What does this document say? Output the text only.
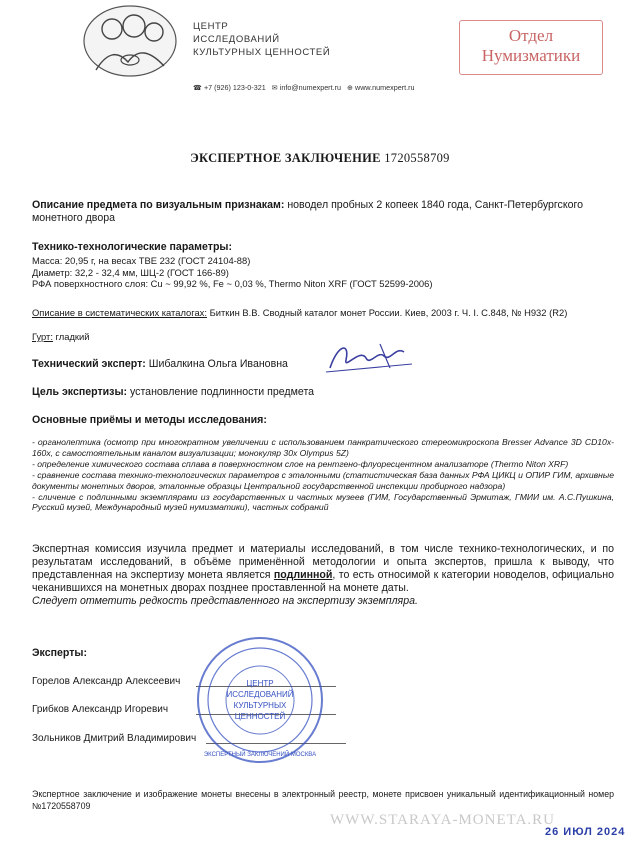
ЦЕНТР
ИССЛЕДОВАНИЙ
КУЛЬТУРНЫХ ЦЕННОСТЕЙ
☎ +7 (926) 123-0-321 ✉ info@numexpert.ru ⊕ www.numexpert.ru
Отдел
Нумизматики
ЭКСПЕРТНОЕ ЗАКЛЮЧЕНИЕ 1720558709
Описание предмета по визуальным признакам: новодел пробных 2 копеек 1840 года, Санкт-Петербургского монетного двора
Технико-технологические параметры:
Масса: 20,95 г, на весах ТВЕ 232 (ГОСТ 24104-88)
Диаметр: 32,2 - 32,4 мм, ШЦ-2 (ГОСТ 166-89)
РФА поверхностного слоя: Cu ~ 99,92 %, Fe ~ 0,03 %, Thermo Niton XRF (ГОСТ 52599-2006)
Описание в систематических каталогах: Биткин В.В. Сводный каталог монет России. Киев, 2003 г. Ч. I. С.848, № Н932 (R2)
Гурт: гладкий
Технический эксперт: Шибалкина Ольга Ивановна
Цель экспертизы: установление подлинности предмета
Основные приёмы и методы исследования:
- органолептика (осмотр при многократном увеличении с использованием панкратического стереомикроскопа Bresser Advance 3D CD10x-160x, с самостоятельным каналом визуализации; монокуляр 30x Olympus 5Z)
- определение химического состава сплава в поверхностном слое на рентгено-флуоресцентном анализаторе (Thermo Niton XRF)
- сравнение состава технико-технологических параметров с эталонными (статистическая база данных РФА ЦИКЦ и ОПИР ГИМ, архивные документы монетных дворов, эталонные образцы Центральной государственной инспекции пробирного надзора)
- сличение с подлинными экземплярами из государственных и частных музеев (ГИМ, Государственный Эрмитаж, ГМИИ им. А.С.Пушкина, Русский музей, Международный музей нумизматики), частных собраний
Экспертная комиссия изучила предмет и материалы исследований, в том числе технико-технологических, и по результатам исследований, в объёме применённой методологии и опыта экспертов, пришла к выводу, что представленная на экспертизу монета является подлинной, то есть относимой к категории новоделов, официально чеканившихся на монетных дворах позднее проставленной на монете даты.
Следует отметить редкость представленного на экспертизу экземпляра.
Эксперты:
Горелов Александр Алексеевич
Грибков Александр Игоревич
Зольников Дмитрий Владимирович
ЦЕНТР
ИССЛЕДОВАНИЙ
КУЛЬТУРНЫХ
ЦЕННОСТЕЙ
ЭКСПЕРТНЫЙ ЗАКЛЮЧЕНИЙ МОСКВА
Экспертное заключение и изображение монеты внесены в электронный реестр, монете присвоен уникальный идентификационный номер №1720558709
WWW.STARAYA-MONETA.RU
26 ИЮЛ 2024
